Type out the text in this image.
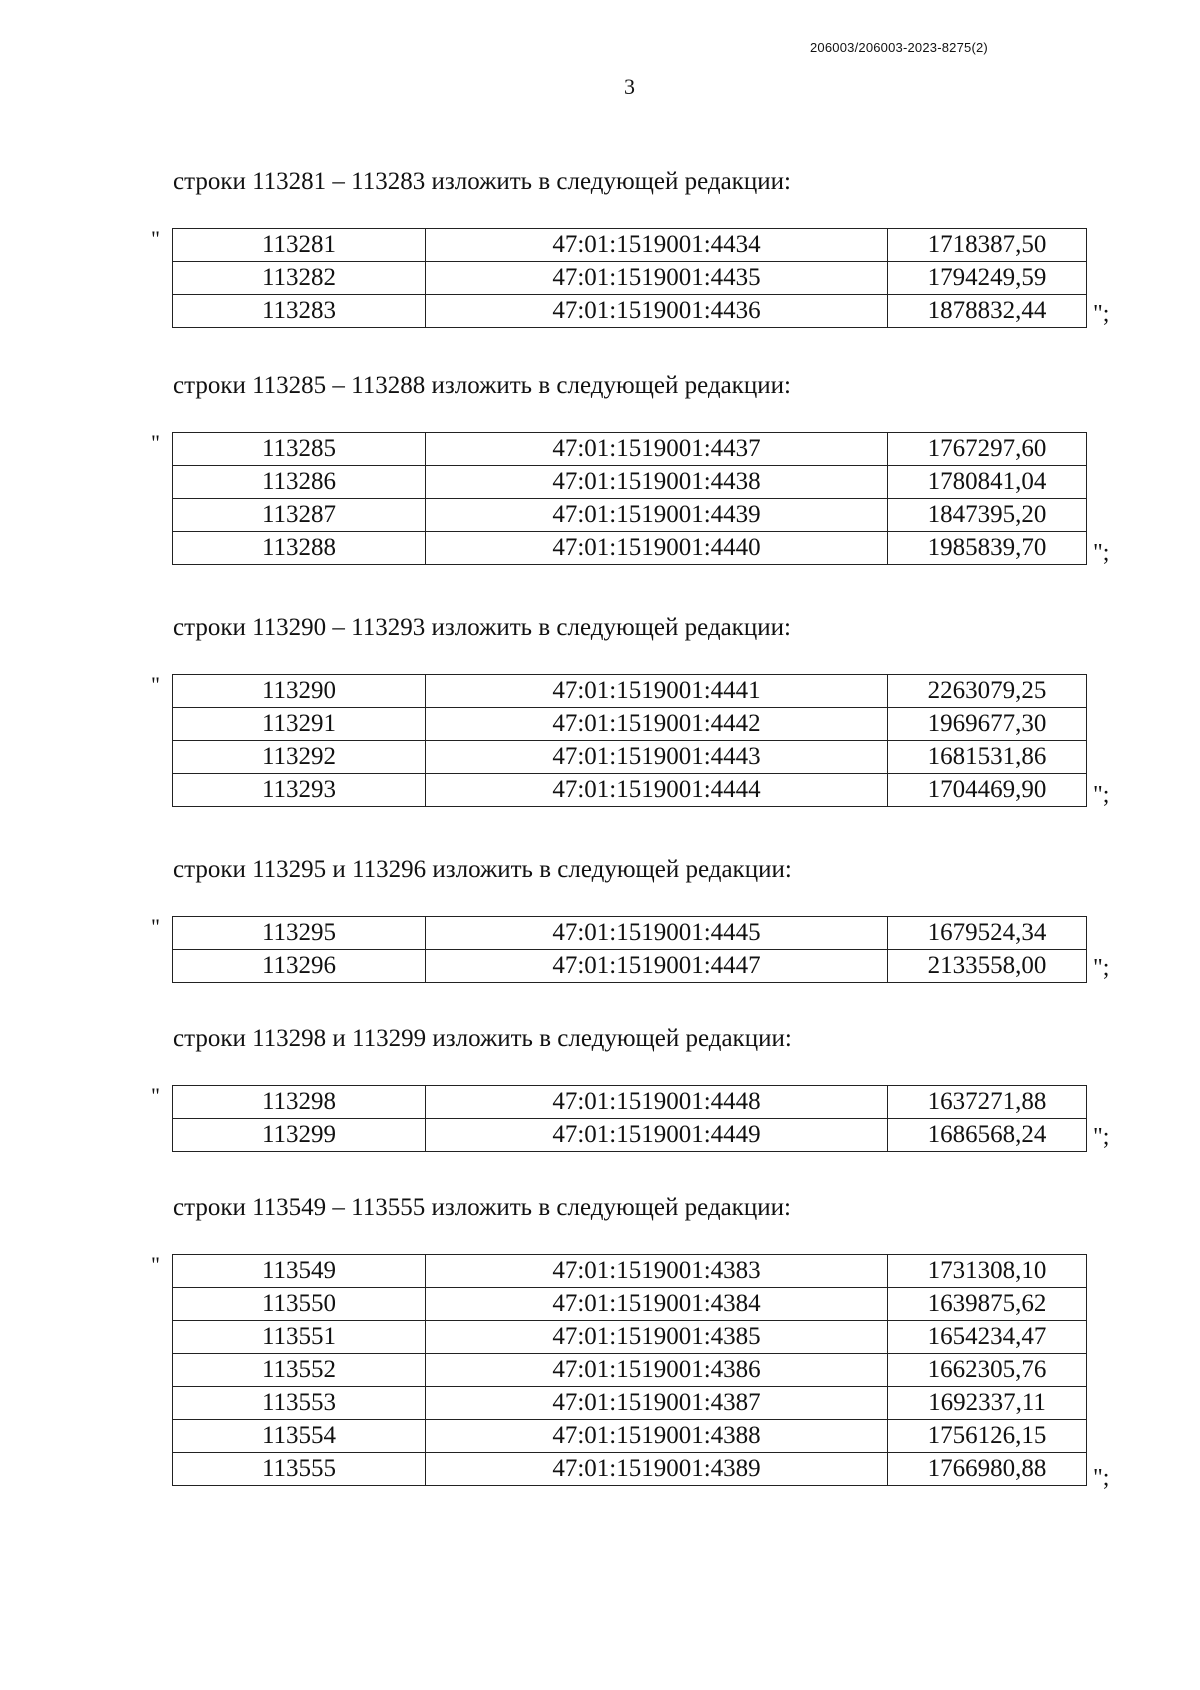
206003/206003-2023-8275(2)
3
строки 113281 – 113283 изложить в следующей редакции:
"	113281	47:01:1519001:4434	1718387,50
113282	47:01:1519001:4435	1794249,59
113283	47:01:1519001:4436	1878832,44 ";
строки 113285 – 113288 изложить в следующей редакции:
"	113285	47:01:1519001:4437	1767297,60
113286	47:01:1519001:4438	1780841,04
113287	47:01:1519001:4439	1847395,20
113288	47:01:1519001:4440	1985839,70 ";
строки 113290 – 113293 изложить в следующей редакции:
"	113290	47:01:1519001:4441	2263079,25
113291	47:01:1519001:4442	1969677,30
113292	47:01:1519001:4443	1681531,86
113293	47:01:1519001:4444	1704469,90 ";
строки 113295 и 113296 изложить в следующей редакции:
"	113295	47:01:1519001:4445	1679524,34
113296	47:01:1519001:4447	2133558,00 ";
строки 113298 и 113299 изложить в следующей редакции:
"	113298	47:01:1519001:4448	1637271,88
113299	47:01:1519001:4449	1686568,24 ";
строки 113549 – 113555 изложить в следующей редакции:
"	113549	47:01:1519001:4383	1731308,10
113550	47:01:1519001:4384	1639875,62
113551	47:01:1519001:4385	1654234,47
113552	47:01:1519001:4386	1662305,76
113553	47:01:1519001:4387	1692337,11
113554	47:01:1519001:4388	1756126,15
113555	47:01:1519001:4389	1766980,88 ";
